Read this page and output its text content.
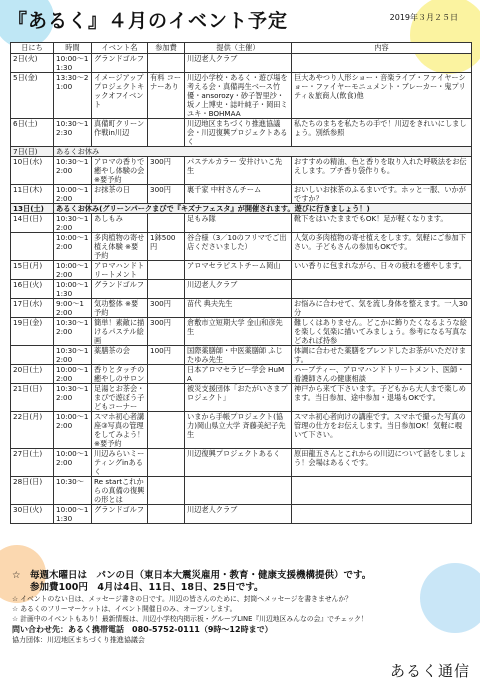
『あるく』４月のイベント予定	2019年３月２５日
日にち	時間	イベント名	参加費	提供（主催）	内容
2日(火)	10:00～11:30	グランドゴルフ		川辺老人クラブ	
5日(金)	13:30～21:00	イメージアップ プロジェクトキックオフイベント	有料 コーナーあり	川辺小学校・あるく・遊び場を考える会・真備再生ベース竹優・ansorozy・砂子智里沙・坂ノ上博史・誌叶純子・岡田ミユキ・BOHMAA	巨大あやつり人形ショー・音楽ライブ・ファイヤーショー・ファイヤーモニュメント・ブレーカー・鬼プリティ＆旅商人(飲食)他
6日(土)	10:30～12:30	真備町クリーン作戦in川辺		川辺地区まちづくり推進協議会・川辺復興プロジェクトあるく	私たちのまちを私たちの手で！川辺をきれいにしましょう。別紙参照
7日(日)	あるくお休み				
10日(水)	10:30～12:00	アロマの香りで癒やし体験の会 ※要予約	300円	パステルカラー 安井けいこ先生	おすすめの精油、色と香りを取り入れた呼吸法をお伝えします。プチ香り袋作りも。
11日(木)	10:00～12:00	お抹茶の日	300円	裏千家 中村さんチーム	おいしいお抹茶のふるまいです。ホッと一服、いかがですか？
13日(土)	あるくお休み(グリーンパークまびで『キズナフェスタ』が開催されます。遊びに行きましょう！)				
14日(日)	10:30～12:00	あしもみ		足もみ隊	靴下をはいたままでもOK！足が軽くなります。
	10:00～12:00	多肉植物の寄せ植え体験 ※要予約	1鉢500円	谷合様（3／10のフリマでご出店くださいました）	人気の多肉植物の寄せ植えをします。気軽にご参加下さい。子どもさんの参加もOKです。
15日(月)	10:00～12:00	アロマハンドトリートメント		アロマセラピストチーム岡山	いい香りに包まれながら、日々の疲れを癒やします。
16日(火)	10:00～11:30	グランドゴルフ		川辺老人クラブ	
17日(水)	9:00～12:00	気功整体 ※要予約	300円	苗代 典夫先生	お悩みに合わせて、気を流し身体を整えます。一人30分
19日(金)	10:30～12:00	簡単！素敵に描けるパステル絵画	300円	倉敷市立短期大学 金山和彦先生	難しくはありません。どこかに飾りたくなるような絵を楽しく気楽に描いてみましょう。参考になる写真などあれば持参
	10:30～12:00	薬膳茶の会	100円	国際薬膳師・中医薬膳師 ふじたゆみ先生	体調に合わせた薬膳をブレンドしたお茶がいただけます。
20日(土)	10:00～12:00	香りとタッチの癒やしのサロン		日本アロマセラピー学会 HuMA	ハーブティー、アロマハンドトリートメント、医師・看護師さんの健康相談
21日(日)	10:30～12:00	足湯とお茶会・まびで遊ぼう子どもコーナー		被災支援団体「おたがいさまプロジェクト」	神戸から来て下さいます。子どもから大人まで楽しめます。当日参加、途中参加・退場もOKです。
22日(月)	10:00～12:00	スマホ初心者講座③写真の管理をしてみよう！ ※要予約		いまから手帳プロジェクト(協力)岡山県立大学 斉藤美紀子先生	スマホ初心者向けの講座です。スマホで撮った写真の管理の仕方をお伝えします。当日参加OK！気軽に覗いて下さい。
27日(土)	10:00～12:00	川辺みらいミーティングinあるく		川辺復興プロジェクトあるく	原田龍五さんとこれからの川辺について話をしましょう！会場はあるくです。
28日(日)	10:30～	Re startこれからの真備の復興の形とは			
30日(火)	10:00～11:30	グランドゴルフ		川辺老人クラブ	
☆　毎週木曜日は　パンの日（東日本大震災雇用・教育・健康支援機構提供）です。
参加費100円　4月は4日、11日、18日、25日です。
☆ イベントのない日は、メッセージ書きの日です。川辺の皆さんのために、封筒へメッセージを書きませんか？
☆ あるくのフリーマーケットは、イベント開催日のみ、オープンします。
☆ 計画中のイベントもあり！最新情報は、川辺小学校内掲示板・グループLINE『川辺地区みんなの会』でチェック！
問い合わせ先：あるく携帯電話　080-5752-0111（9時～12時まで）
協力団体：川辺地区まちづくり推進協議会
あるく通信
